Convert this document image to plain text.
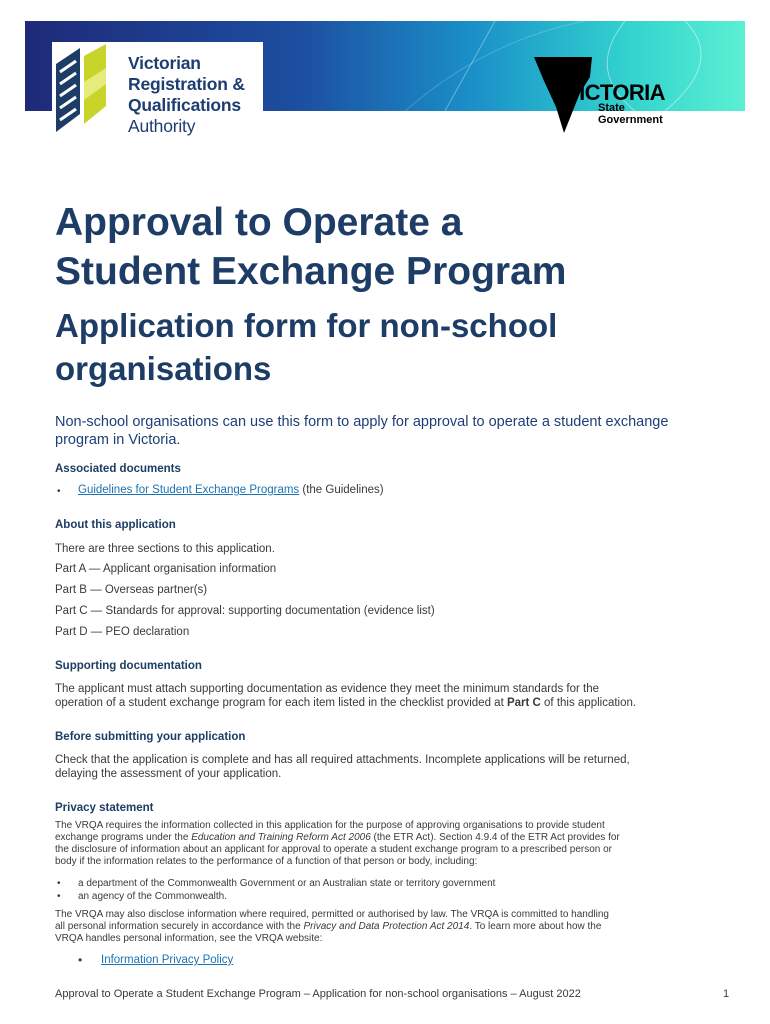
Victorian
Registration &
Qualifications
Authority
VICTORIA
State
Government
Approval to Operate a
Student Exchange Program
Application form for non-school
organisations

Non-school organisations can use this form to apply for approval to operate a student exchange
program in Victoria.

Associated documents
• Guidelines for Student Exchange Programs (the Guidelines)
About this application
There are three sections to this application.
Part A — Applicant organisation information
Part B — Overseas partner(s)
Part C — Standards for approval: supporting documentation (evidence list)
Part D — PEO declaration
Supporting documentation
The applicant must attach supporting documentation as evidence they meet the minimum standards for the
operation of a student exchange program for each item listed in the checklist provided at Part C of this application.
Before submitting your application
Check that the application is complete and has all required attachments. Incomplete applications will be returned,
delaying the assessment of your application.
Privacy statement
The VRQA requires the information collected in this application for the purpose of approving organisations to provide student
exchange programs under the Education and Training Reform Act 2006 (the ETR Act). Section 4.9.4 of the ETR Act provides for
the disclosure of information about an applicant for approval to operate a student exchange program to a prescribed person or
body if the information relates to the performance of a function of that person or body, including:
• a department of the Commonwealth Government or an Australian state or territory government
• an agency of the Commonwealth.
The VRQA may also disclose information where required, permitted or authorised by law. The VRQA is committed to handling
all personal information securely in accordance with the Privacy and Data Protection Act 2014. To learn more about how the
VRQA handles personal information, see the VRQA website:
• Information Privacy Policy
Approval to Operate a Student Exchange Program – Application for non-school organisations – August 2022	1
